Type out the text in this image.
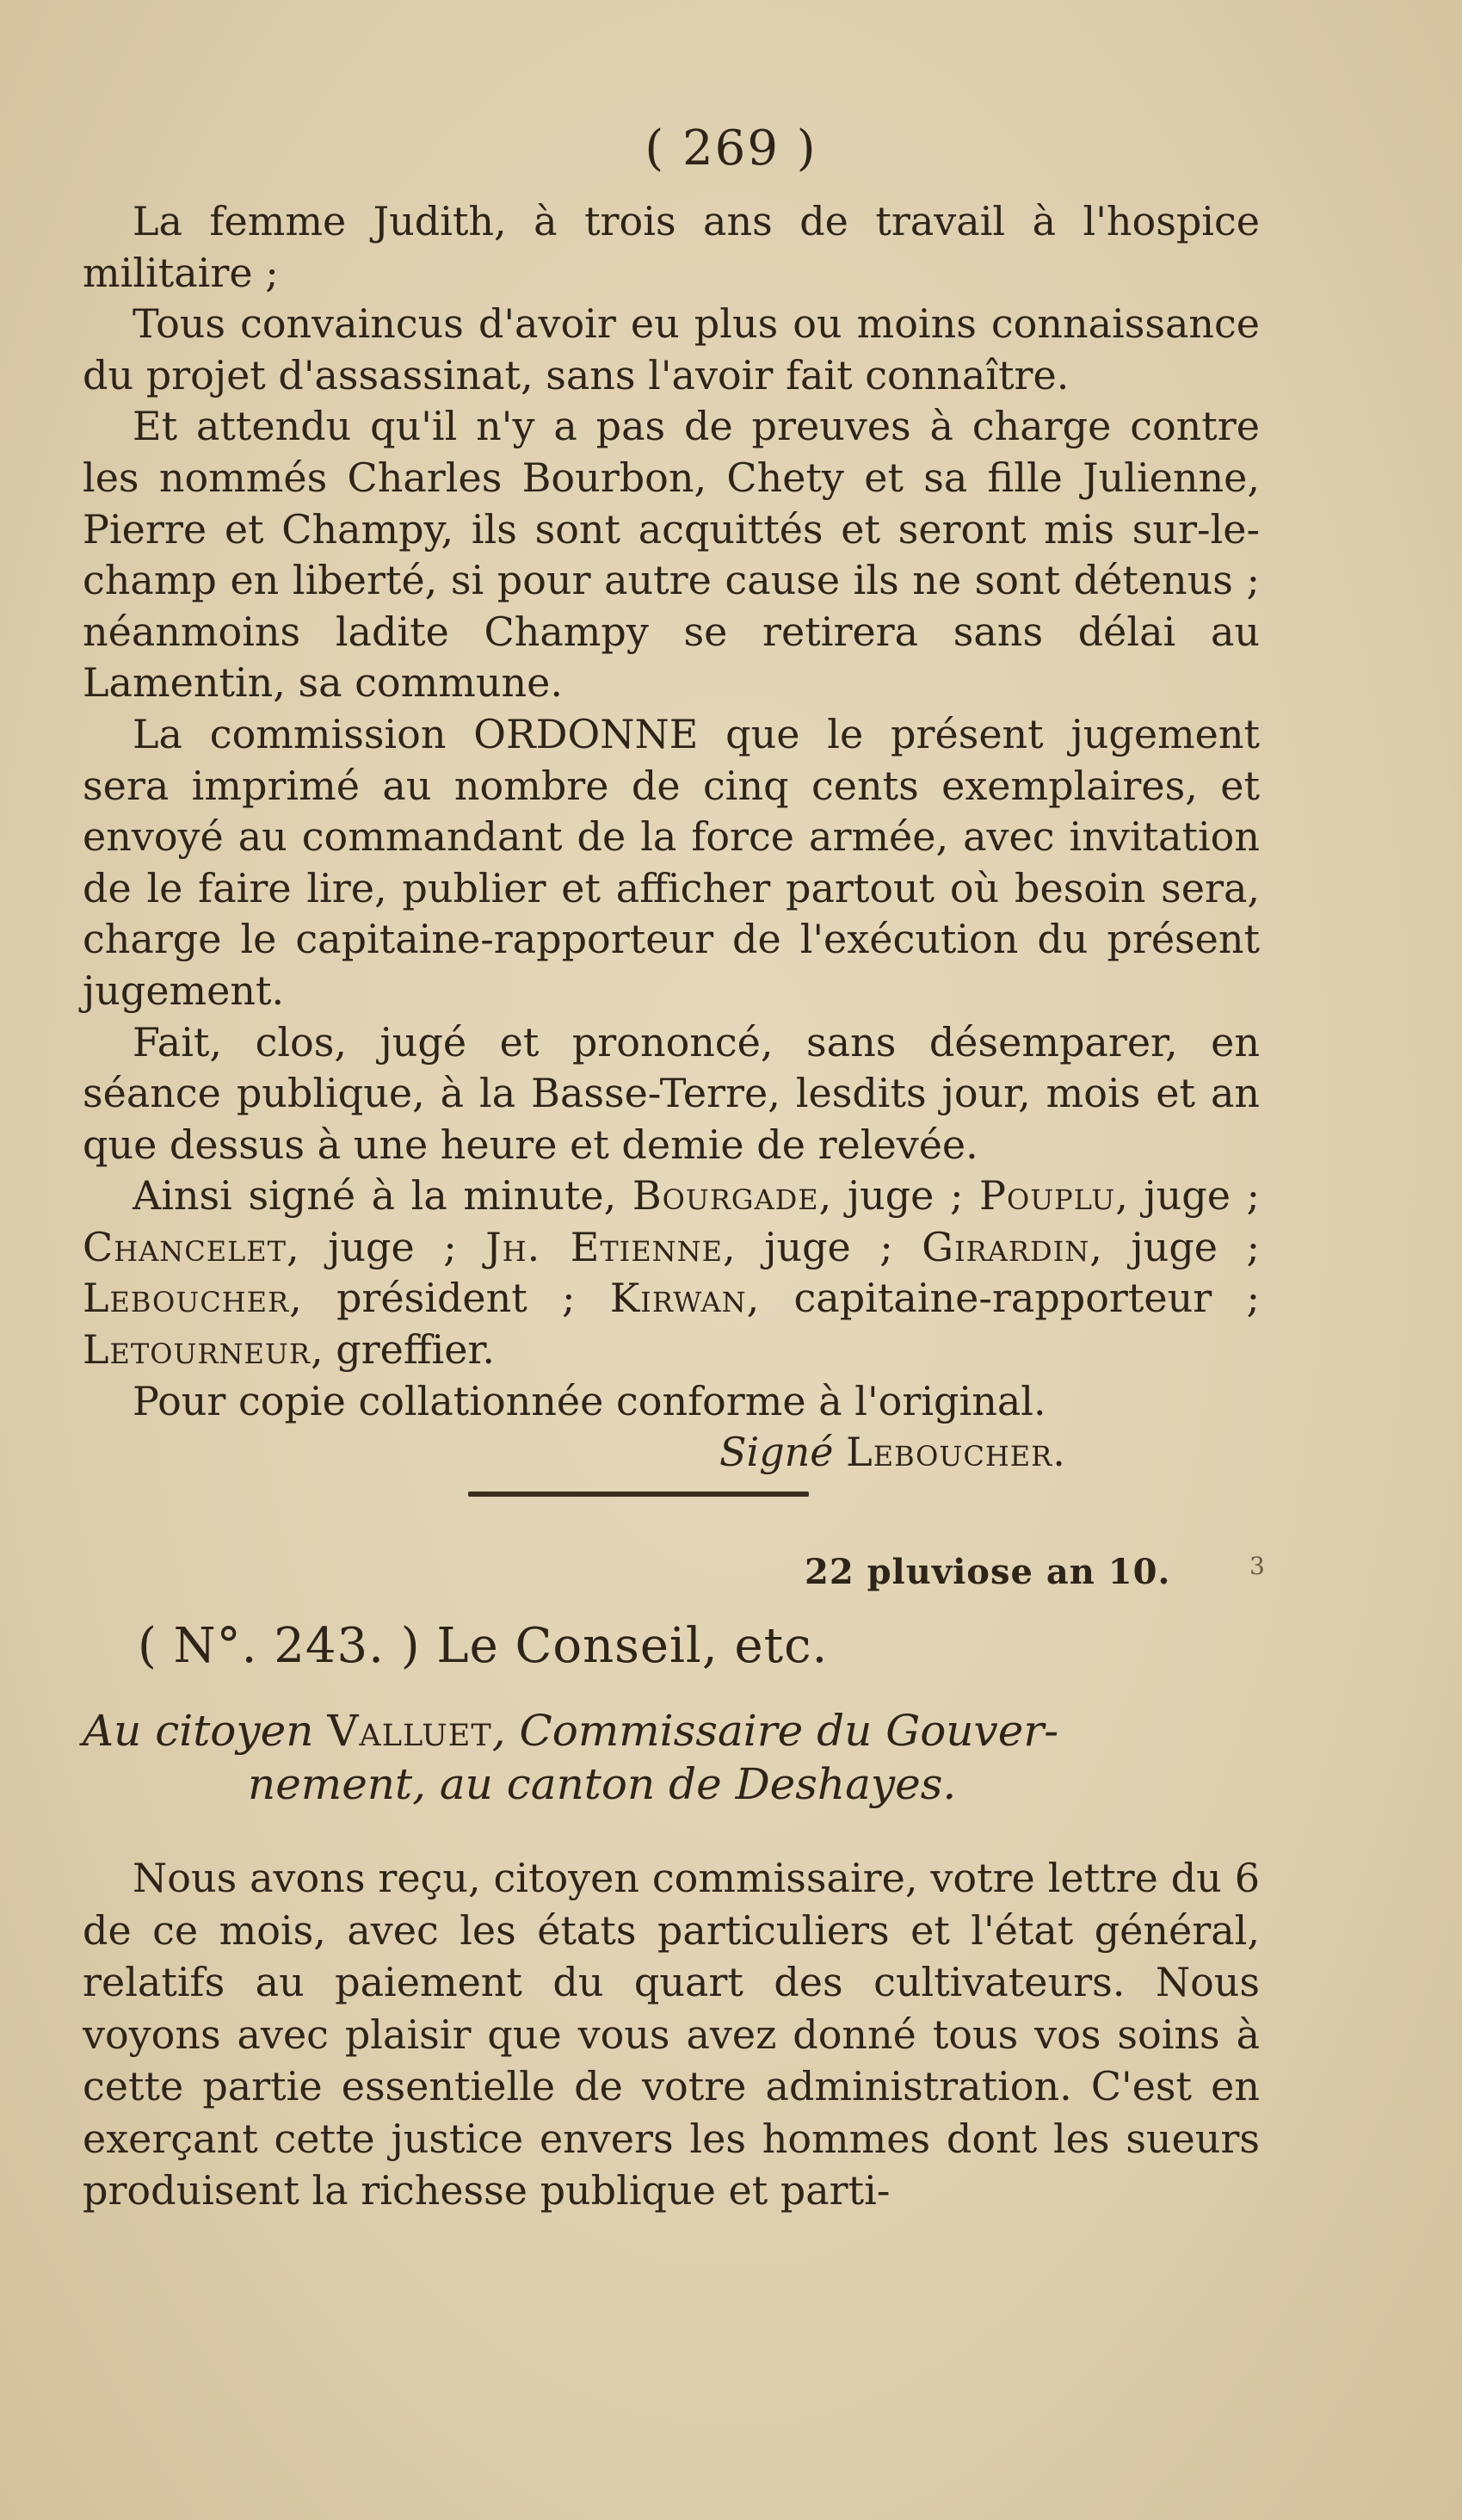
( 269 )

La femme Judith, à trois ans de travail à l'hospice militaire ;

Tous convaincus d'avoir eu plus ou moins connaissance du projet d'assassinat, sans l'avoir fait connaître.

Et attendu qu'il n'y a pas de preuves à charge contre les nommés Charles Bourbon, Chety et sa fille Julienne, Pierre et Champy, ils sont acquittés et seront mis sur-le-champ en liberté, si pour autre cause ils ne sont détenus ; néanmoins ladite Champy se retirera sans délai au Lamentin, sa commune.

La commission ORDONNE que le présent jugement sera imprimé au nombre de cinq cents exemplaires, et envoyé au commandant de la force armée, avec invitation de le faire lire, publier et afficher partout où besoin sera, charge le capitaine-rapporteur de l'exécution du présent jugement.

Fait, clos, jugé et prononcé, sans désemparer, en séance publique, à la Basse-Terre, lesdits jour, mois et an que dessus à une heure et demie de relevée.

Ainsi signé à la minute, Bourgade, juge ; Pouplu, juge ; Chancelet, juge ; Jh. Etienne, juge ; Girardin, juge ; Leboucher, président ; Kirwan, capitaine-rapporteur ; Letourneur, greffier.

Pour copie collationnée conforme à l'original.

Signé Leboucher.

22 pluviose an 10.	3
( N°. 243. ) Le Conseil, etc.
Au citoyen Valluet, Commissaire du Gouver-
nement, au canton de Deshayes.

Nous avons reçu, citoyen commissaire, votre lettre du 6 de ce mois, avec les états particuliers et l'état général, relatifs au paiement du quart des cultivateurs. Nous voyons avec plaisir que vous avez donné tous vos soins à cette partie essentielle de votre administration. C'est en exerçant cette justice envers les hommes dont les sueurs produisent la richesse publique et parti-
